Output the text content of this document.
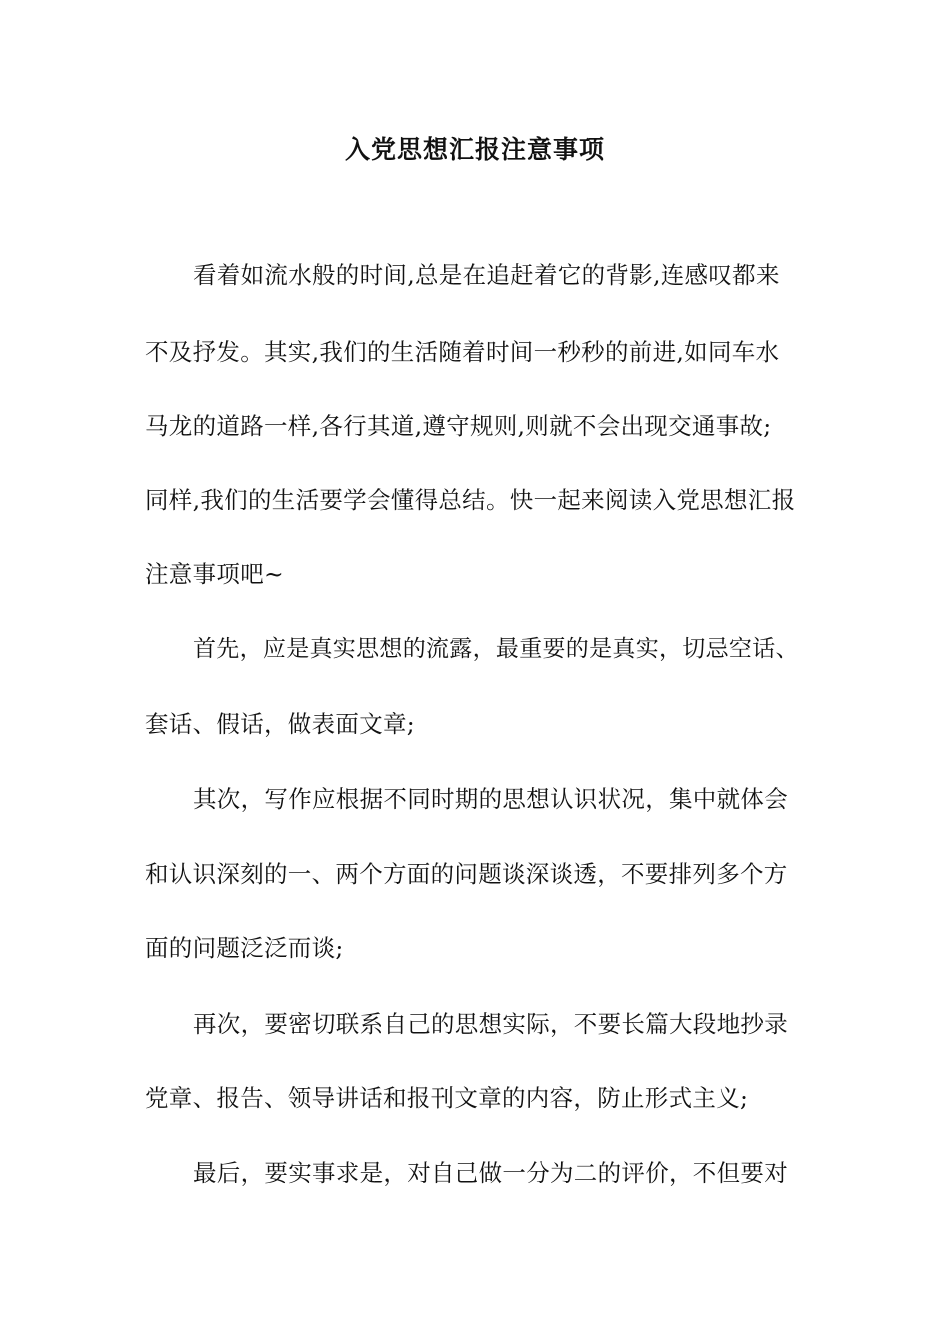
入党思想汇报注意事项
看着如流水般的时间,总是在追赶着它的背影,连感叹都来
不及抒发。其实,我们的生活随着时间一秒秒的前进,如同车水
马龙的道路一样,各行其道,遵守规则,则就不会出现交通事故;
同样,我们的生活要学会懂得总结。快一起来阅读入党思想汇报
注意事项吧~
首先，应是真实思想的流露，最重要的是真实，切忌空话、
套话、假话，做表面文章;
其次，写作应根据不同时期的思想认识状况，集中就体会
和认识深刻的一、两个方面的问题谈深谈透，不要排列多个方
面的问题泛泛而谈;
再次，要密切联系自己的思想实际，不要长篇大段地抄录
党章、报告、领导讲话和报刊文章的内容，防止形式主义;
最后，要实事求是，对自己做一分为二的评价，不但要对
